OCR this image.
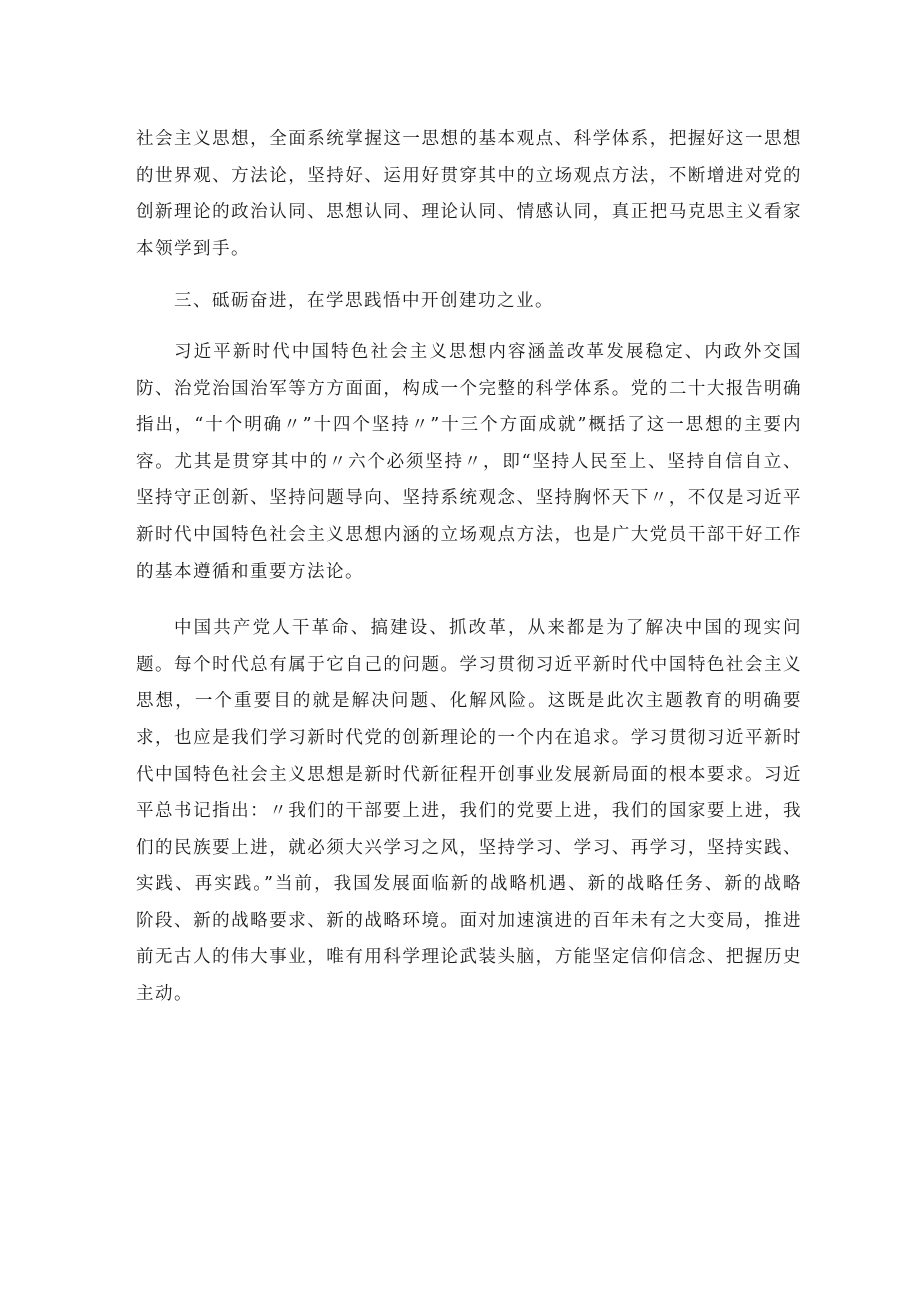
社会主义思想，全面系统掌握这一思想的基本观点、科学体系，把握好这一思想的世界观、方法论，坚持好、运用好贯穿其中的立场观点方法，不断增进对党的创新理论的政治认同、思想认同、理论认同、情感认同，真正把马克思主义看家本领学到手。

三、砥砺奋进，在学思践悟中开创建功之业。

习近平新时代中国特色社会主义思想内容涵盖改革发展稳定、内政外交国防、治党治国治军等方方面面，构成一个完整的科学体系。党的二十大报告明确指出，“十个明确〃”十四个坚持〃”十三个方面成就”概括了这一思想的主要内容。尤其是贯穿其中的〃六个必须坚持〃，即“坚持人民至上、坚持自信自立、坚持守正创新、坚持问题导向、坚持系统观念、坚持胸怀天下〃，不仅是习近平新时代中国特色社会主义思想内涵的立场观点方法，也是广大党员干部干好工作的基本遵循和重要方法论。

中国共产党人干革命、搞建设、抓改革，从来都是为了解决中国的现实问题。每个时代总有属于它自己的问题。学习贯彻习近平新时代中国特色社会主义思想，一个重要目的就是解决问题、化解风险。这既是此次主题教育的明确要求，也应是我们学习新时代党的创新理论的一个内在追求。学习贯彻习近平新时代中国特色社会主义思想是新时代新征程开创事业发展新局面的根本要求。习近平总书记指出：〃我们的干部要上进，我们的党要上进，我们的国家要上进，我们的民族要上进，就必须大兴学习之风，坚持学习、学习、再学习，坚持实践、实践、再实践。”当前，我国发展面临新的战略机遇、新的战略任务、新的战略阶段、新的战略要求、新的战略环境。面对加速演进的百年未有之大变局，推进前无古人的伟大事业，唯有用科学理论武装头脑，方能坚定信仰信念、把握历史主动。
